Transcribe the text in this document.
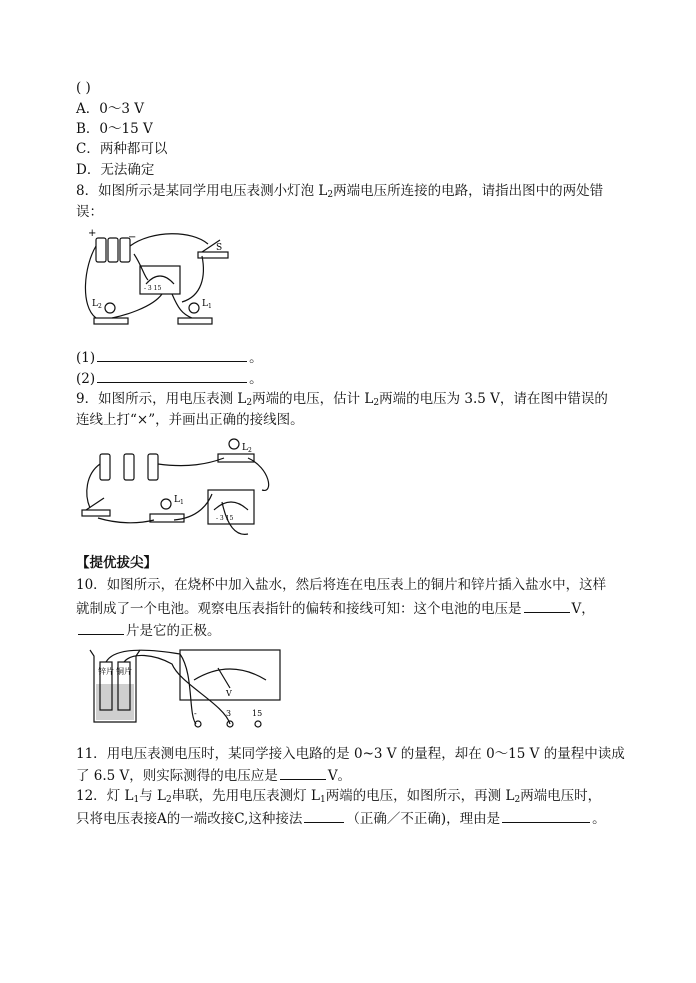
( )
A．0～3 V
B．0～15 V
C．两种都可以
D．无法确定
8．如图所示是某同学用电压表测小灯泡 $L_2$两端电压所连接的电路，请指出图中的两处错
误：
+	−
S
- 3 15
$L_2$	$L_1$
(1)	。
(2)	。
9．如图所示，用电压表测 $L_2$两端的电压，估计 $L_2$两端的电压为 3.5 V，请在图中错误的
连线上打“×”，并画出正确的接线图。
$L_2$
$L_1$
- 3 15
【提优拔尖】
10．如图所示，在烧杯中加入盐水，然后将连在电压表上的铜片和锌片插入盐水中，这样
就制成了一个电池。观察电压表指针的偏转和接线可知：这个电池的电压是	V，
片是它的正极。
锌片 铜片
V
-	3	15
11．用电压表测电压时，某同学接入电路的是 0~3 V 的量程，却在 0～15 V 的量程中读成
了 6.5 V，则实际测得的电压应是	V。
12．灯 $L_1$与 $L_2$串联，先用电压表测灯 $L_1$两端的电压，如图所示，再测 $L_2$两端电压时，
只将电压表接A的一端改接C,这种接法	（正确／不正确)，理由是	。
